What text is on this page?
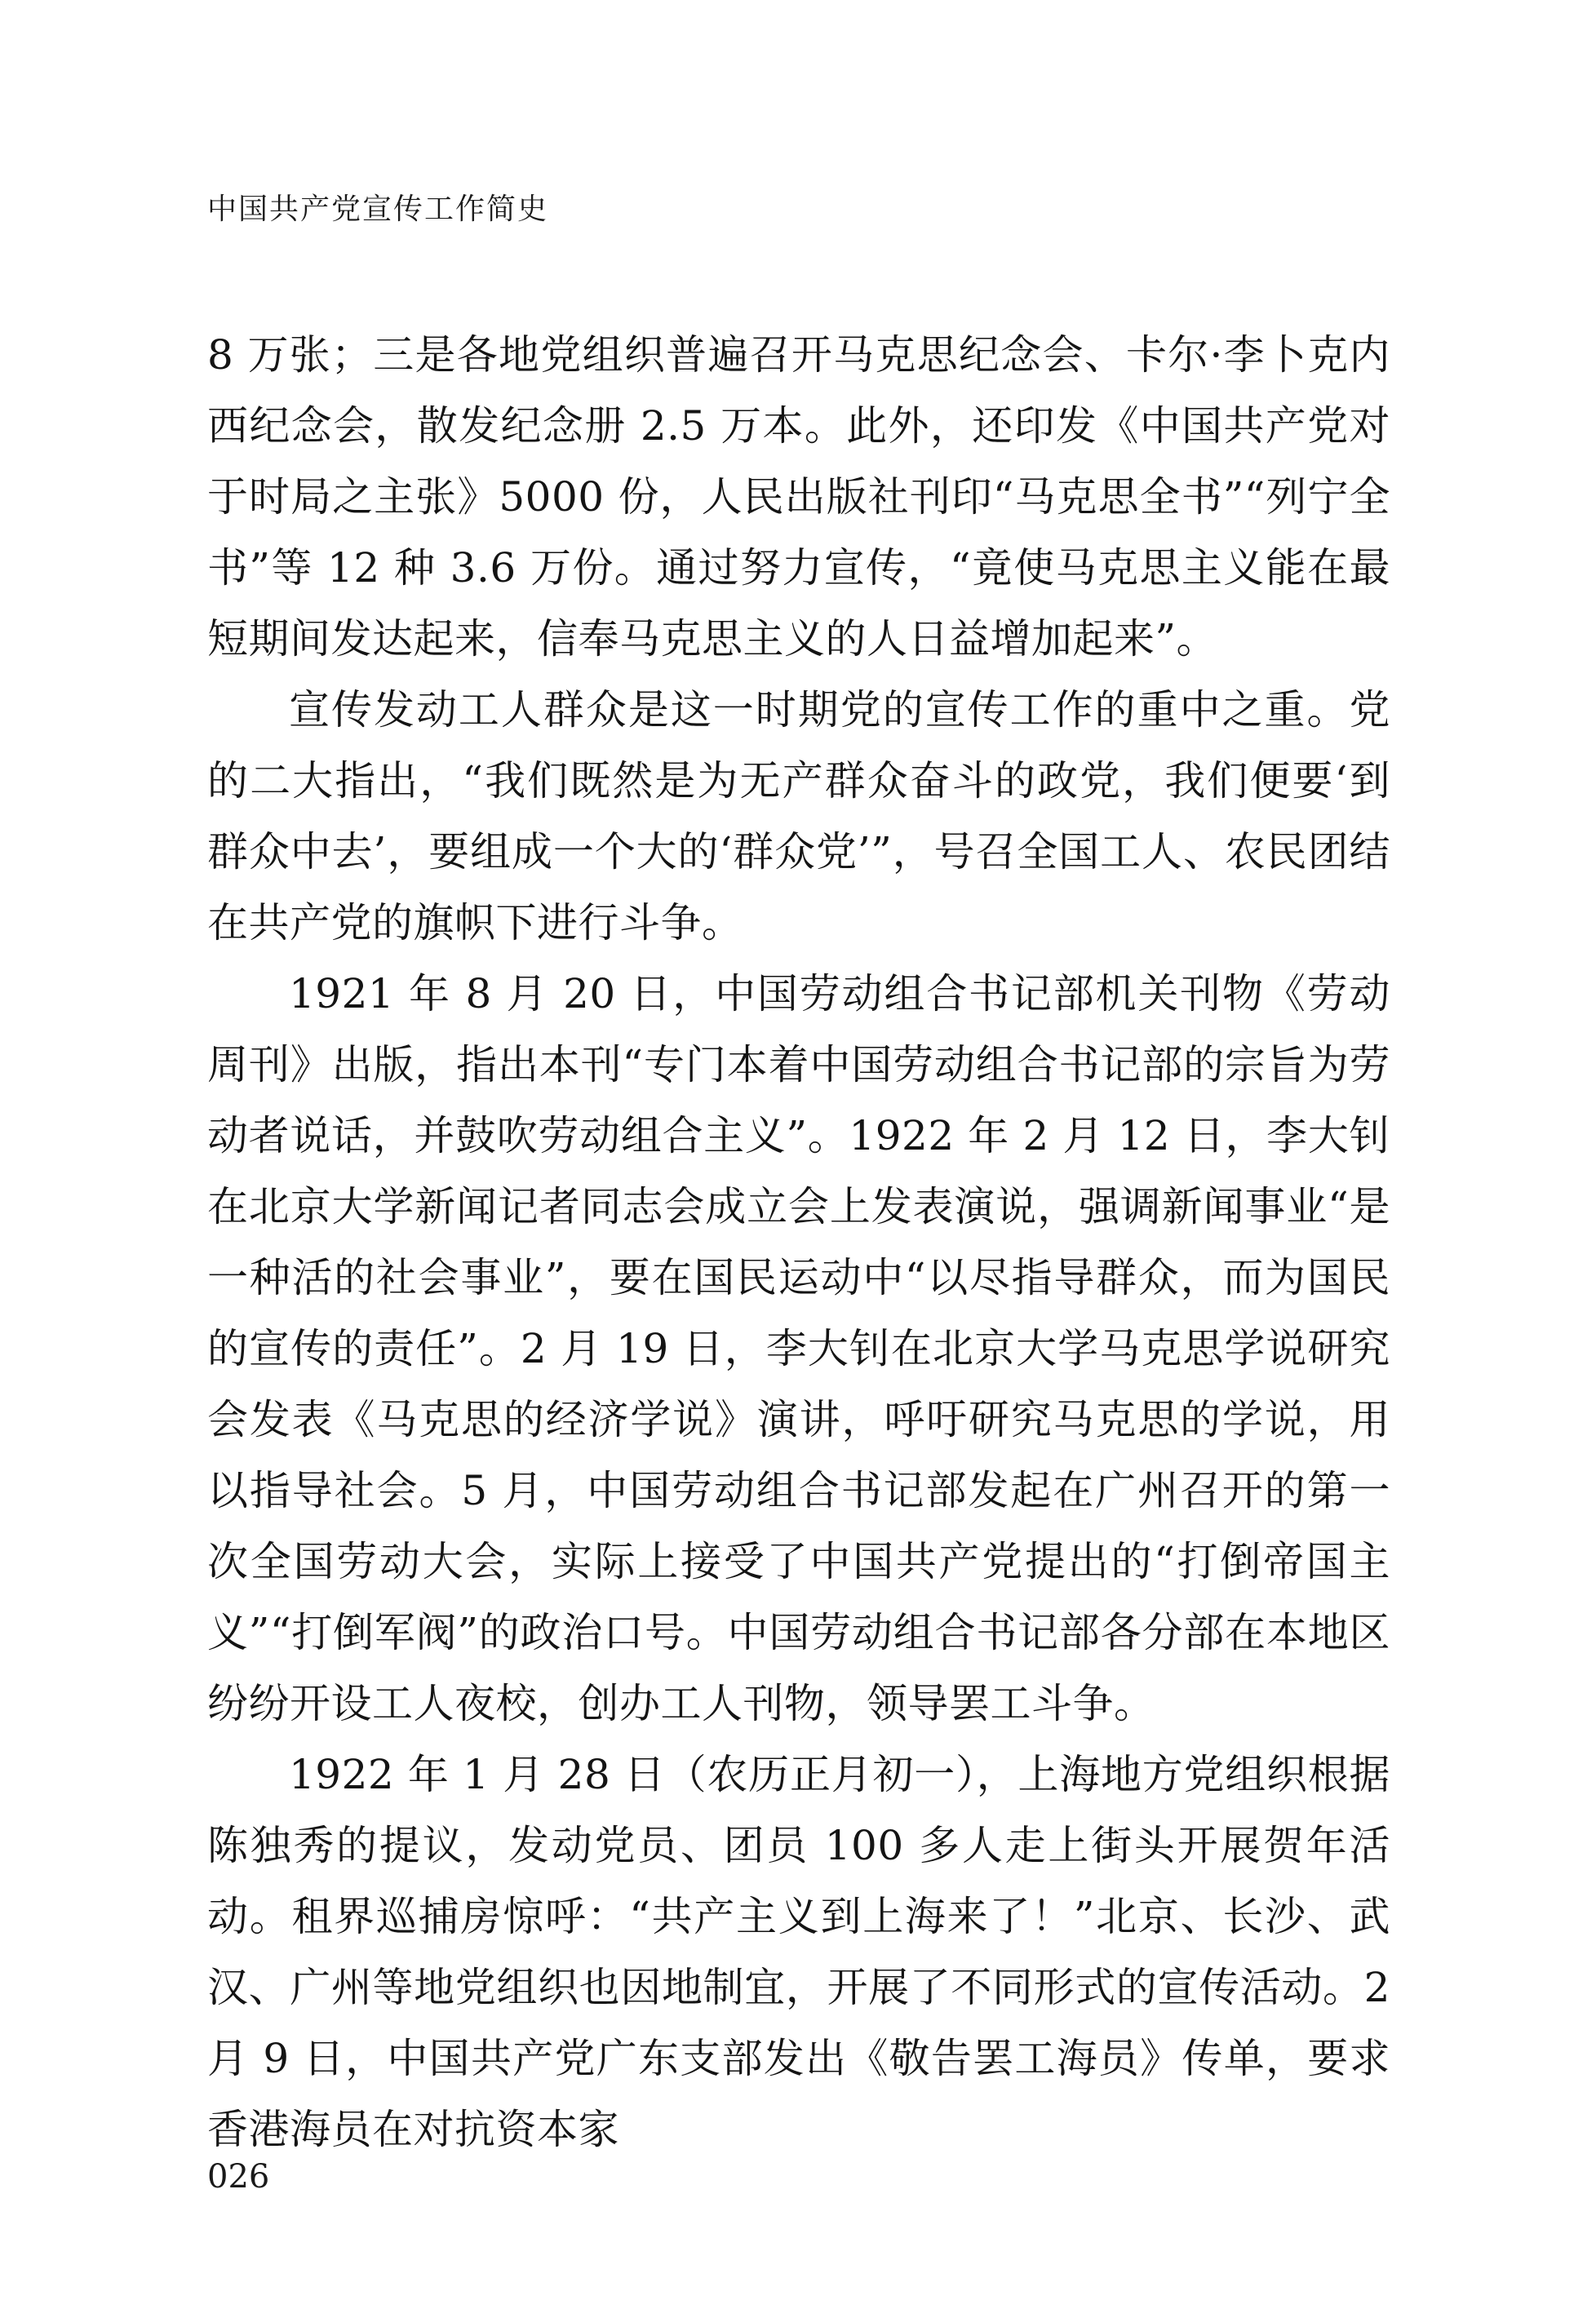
中国共产党宣传工作简史

8 万张；三是各地党组织普遍召开马克思纪念会、卡尔·李卜克内西纪念会，散发纪念册 2.5 万本。此外，还印发《中国共产党对于时局之主张》5000 份，人民出版社刊印“马克思全书”“列宁全书”等 12 种 3.6 万份。通过努力宣传，“竟使马克思主义能在最短期间发达起来，信奉马克思主义的人日益增加起来”。

宣传发动工人群众是这一时期党的宣传工作的重中之重。党的二大指出，“我们既然是为无产群众奋斗的政党，我们便要‘到群众中去’，要组成一个大的‘群众党’”，号召全国工人、农民团结在共产党的旗帜下进行斗争。

1921 年 8 月 20 日，中国劳动组合书记部机关刊物《劳动周刊》出版，指出本刊“专门本着中国劳动组合书记部的宗旨为劳动者说话，并鼓吹劳动组合主义”。1922 年 2 月 12 日，李大钊在北京大学新闻记者同志会成立会上发表演说，强调新闻事业“是一种活的社会事业”，要在国民运动中“以尽指导群众，而为国民的宣传的责任”。2 月 19 日，李大钊在北京大学马克思学说研究会发表《马克思的经济学说》演讲，呼吁研究马克思的学说，用以指导社会。5 月，中国劳动组合书记部发起在广州召开的第一次全国劳动大会，实际上接受了中国共产党提出的“打倒帝国主义”“打倒军阀”的政治口号。中国劳动组合书记部各分部在本地区纷纷开设工人夜校，创办工人刊物，领导罢工斗争。

1922 年 1 月 28 日（农历正月初一），上海地方党组织根据陈独秀的提议，发动党员、团员 100 多人走上街头开展贺年活动。租界巡捕房惊呼：“共产主义到上海来了！”北京、长沙、武汉、广州等地党组织也因地制宜，开展了不同形式的宣传活动。2 月 9 日，中国共产党广东支部发出《敬告罢工海员》传单，要求香港海员在对抗资本家

026
